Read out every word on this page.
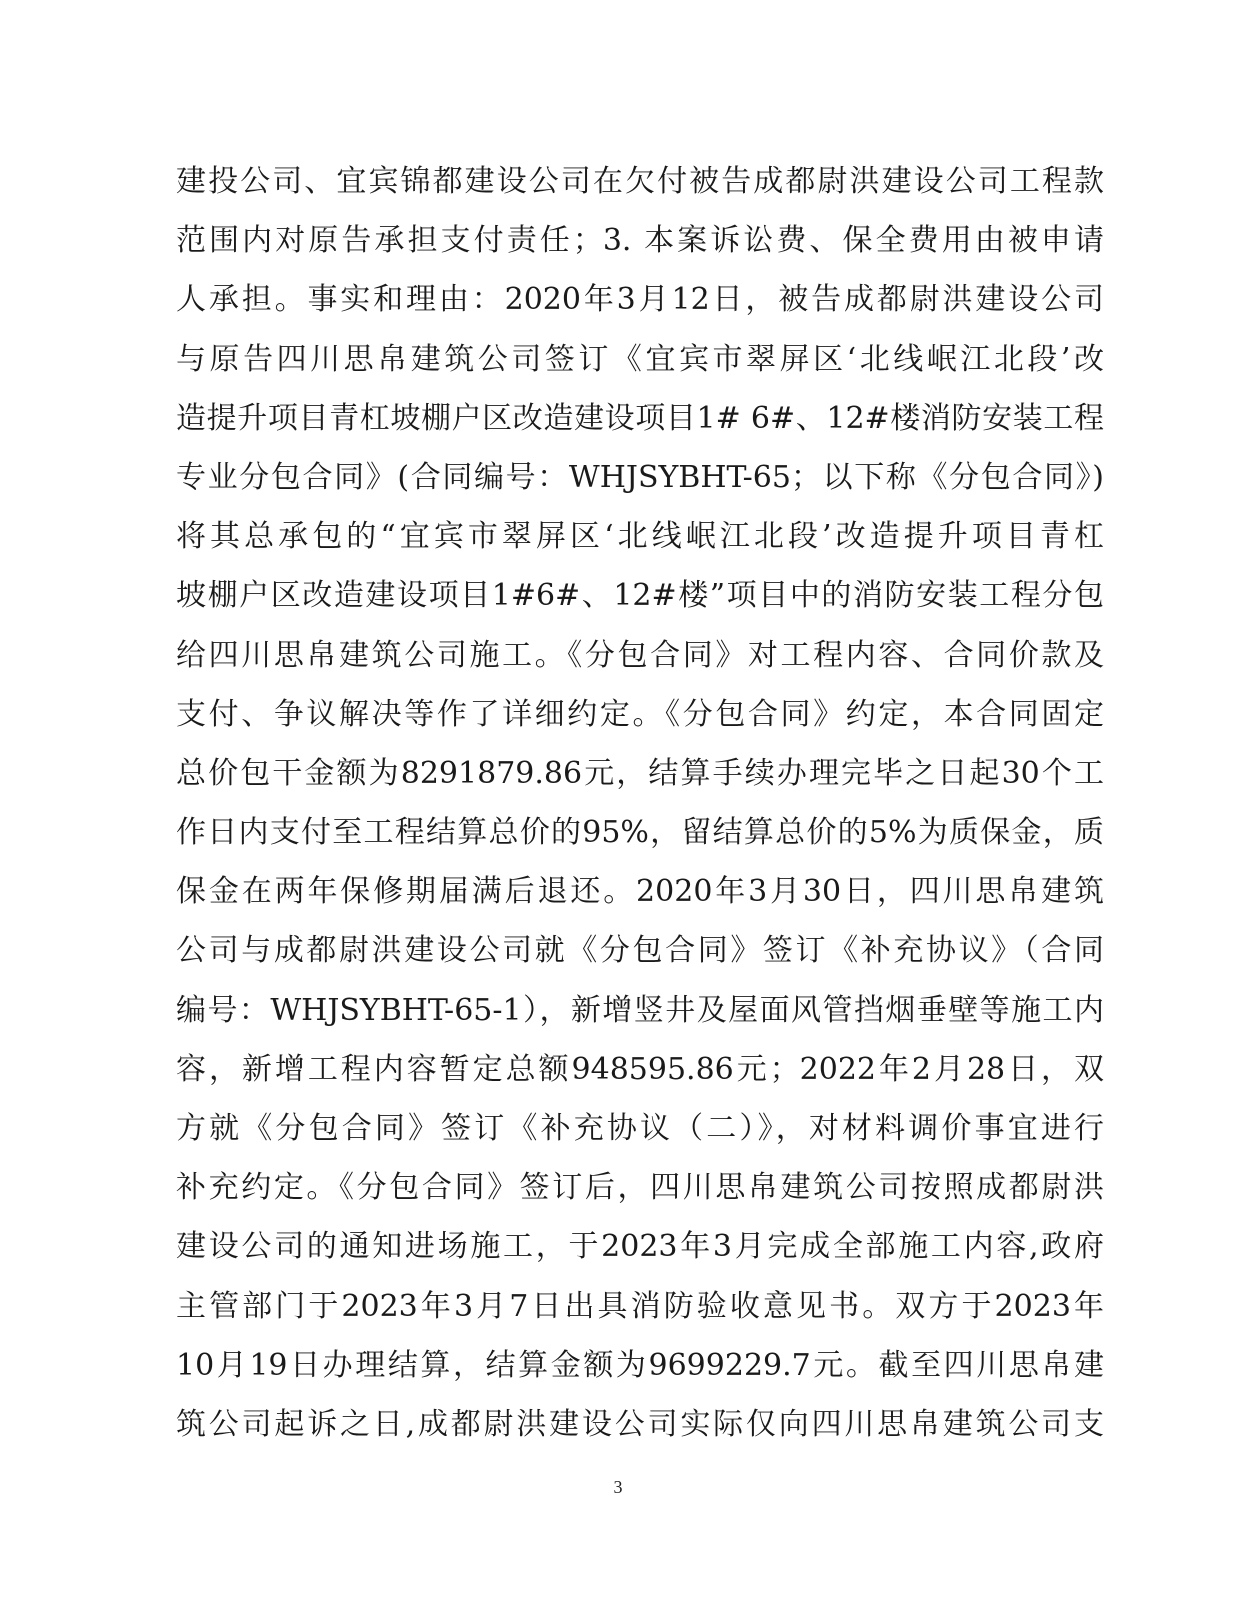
建投公司、宜宾锦都建设公司在欠付被告成都尉洪建设公司工程款
范围内对原告承担支付责任；3. 本案诉讼费、保全费用由被申请
人承担。事实和理由：2020年3月12日，被告成都尉洪建设公司
与原告四川思帛建筑公司签订《宜宾市翠屏区‘北线岷江北段’改
造提升项目青杠坡棚户区改造建设项目1# 6#、12#楼消防安装工程
专业分包合同》(合同编号：WHJSYBHT-65；以下称《分包合同》)
将其总承包的“宜宾市翠屏区‘北线岷江北段’改造提升项目青杠
坡棚户区改造建设项目1#6#、12#楼”项目中的消防安装工程分包
给四川思帛建筑公司施工。《分包合同》对工程内容、合同价款及
支付、争议解决等作了详细约定。《分包合同》约定，本合同固定
总价包干金额为8291879.86元，结算手续办理完毕之日起30个工
作日内支付至工程结算总价的95%，留结算总价的5%为质保金，质
保金在两年保修期届满后退还。2020年3月30日，四川思帛建筑
公司与成都尉洪建设公司就《分包合同》签订《补充协议》（合同
编号：WHJSYBHT-65-1），新增竖井及屋面风管挡烟垂壁等施工内
容，新增工程内容暂定总额948595.86元；2022年2月28日，双
方就《分包合同》签订《补充协议（二）》，对材料调价事宜进行
补充约定。《分包合同》签订后，四川思帛建筑公司按照成都尉洪
建设公司的通知进场施工，于2023年3月完成全部施工内容,政府
主管部门于2023年3月7日出具消防验收意见书。双方于2023年
10月19日办理结算，结算金额为9699229.7元。截至四川思帛建
筑公司起诉之日,成都尉洪建设公司实际仅向四川思帛建筑公司支
3
